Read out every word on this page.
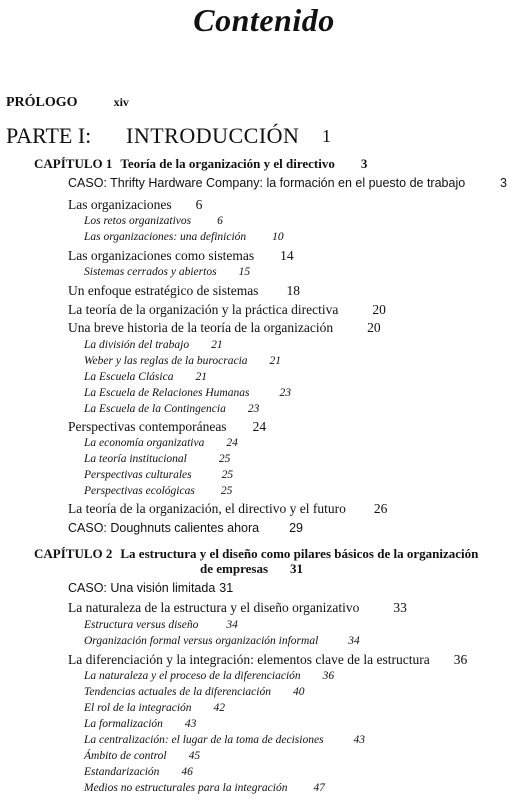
Contenido
PRÓLOGO	xiv
PARTE I: INTRODUCCIÓN 1
CAPÍTULO 1 Teoría de la organización y el directivo 3
CASO: Thrifty Hardware Company: la formación en el puesto de trabajo	3
Las organizaciones 6
Los retos organizativos 6
Las organizaciones: una definición 10
Las organizaciones como sistemas 14
Sistemas cerrados y abiertos 15
Un enfoque estratégico de sistemas 18
La teoría de la organización y la práctica directiva	20
Una breve historia de la teoría de la organización	20
La división del trabajo 21
Weber y las reglas de la burocracia 21
La Escuela Clásica 21
La Escuela de Relaciones Humanas	23
La Escuela de la Contingencia 23
Perspectivas contemporáneas 24
La economía organizativa 24
La teoría institucional	25
Perspectivas culturales	25
Perspectivas ecológicas 25
La teoría de la organización, el directivo y el futuro 26
CASO: Doughnuts calientes ahora 29
CAPÍTULO 2 La estructura y el diseño como pilares básicos de la organización
de empresas 31
CASO: Una visión limitada 31
La naturaleza de la estructura y el diseño organizativo	33
Estructura versus diseño 34
Organización formal versus organización informal	34
La diferenciación y la integración: elementos clave de la estructura 36
La naturaleza y el proceso de la diferenciación 36
Tendencias actuales de la diferenciación 40
El rol de la integración 42
La formalización 43
La centralización: el lugar de la toma de decisiones	43
Ámbito de control 45
Estandarización 46
Medios no estructurales para la integración 47
